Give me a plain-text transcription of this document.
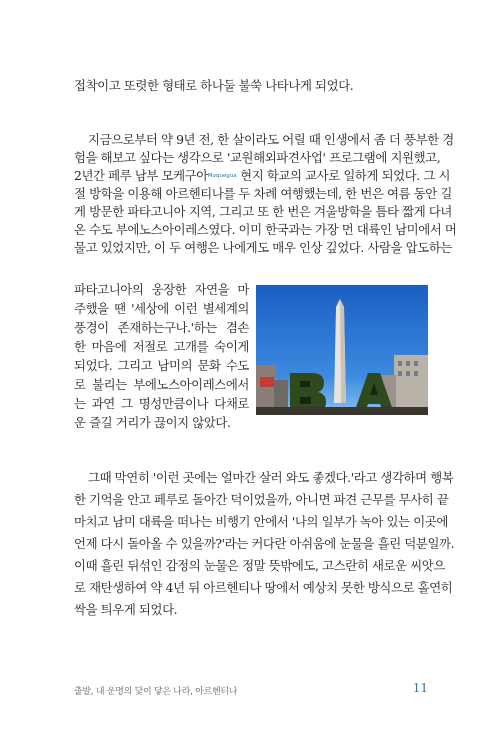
접착이고 또렷한 형태로 하나둘 불쑥 나타나게 되었다.
지금으로부터 약 9년 전, 한 살이라도 어릴 때 인생에서 좀 더 풍부한 경
험을 해보고 싶다는 생각으로 '교원해외파견사업' 프로그램에 지원했고,
2년간 페루 남부 모케구아$^{Moquegua}$ 현지 학교의 교사로 일하게 되었다. 그 시
절 방학을 이용해 아르헨티나를 두 차례 여행했는데, 한 번은 여름 동안 길
게 방문한 파타고니아 지역, 그리고 또 한 번은 겨울방학을 틈타 짧게 다녀
온 수도 부에노스아이레스였다. 이미 한국과는 가장 먼 대륙인 남미에서 머
물고 있었지만, 이 두 여행은 나에게도 매우 인상 깊었다. 사람을 압도하는
파타고니아의 웅장한 자연을 마
주했을 땐 '세상에 이런 별세계의
풍경이 존재하는구나.'하는 겸손
한 마음에 저절로 고개를 숙이게
되었다. 그리고 남미의 문화 수도
로 불리는 부에노스아이레스에서
는 과연 그 명성만큼이나 다채로
운 즐길 거리가 끊이지 않았다.
그때 막연히 '이런 곳에는 얼마간 살러 와도 좋겠다.'라고 생각하며 행복
한 기억을 안고 페루로 돌아간 덕이었을까, 아니면 파견 근무를 무사히 끝
마치고 남미 대륙을 떠나는 비행기 안에서 '나의 일부가 녹아 있는 이곳에
언제 다시 돌아올 수 있을까?'라는 커다란 아쉬움에 눈물을 흘린 덕분일까.
이때 흘린 뒤섞인 감정의 눈물은 정말 뜻밖에도, 고스란히 새로운 씨앗으
로 재탄생하여 약 4년 뒤 아르헨티나 땅에서 예상치 못한 방식으로 홀연히
싹을 틔우게 되었다.
출발, 내 운명의 닻이 닿은 나라, 아르헨티나	11
